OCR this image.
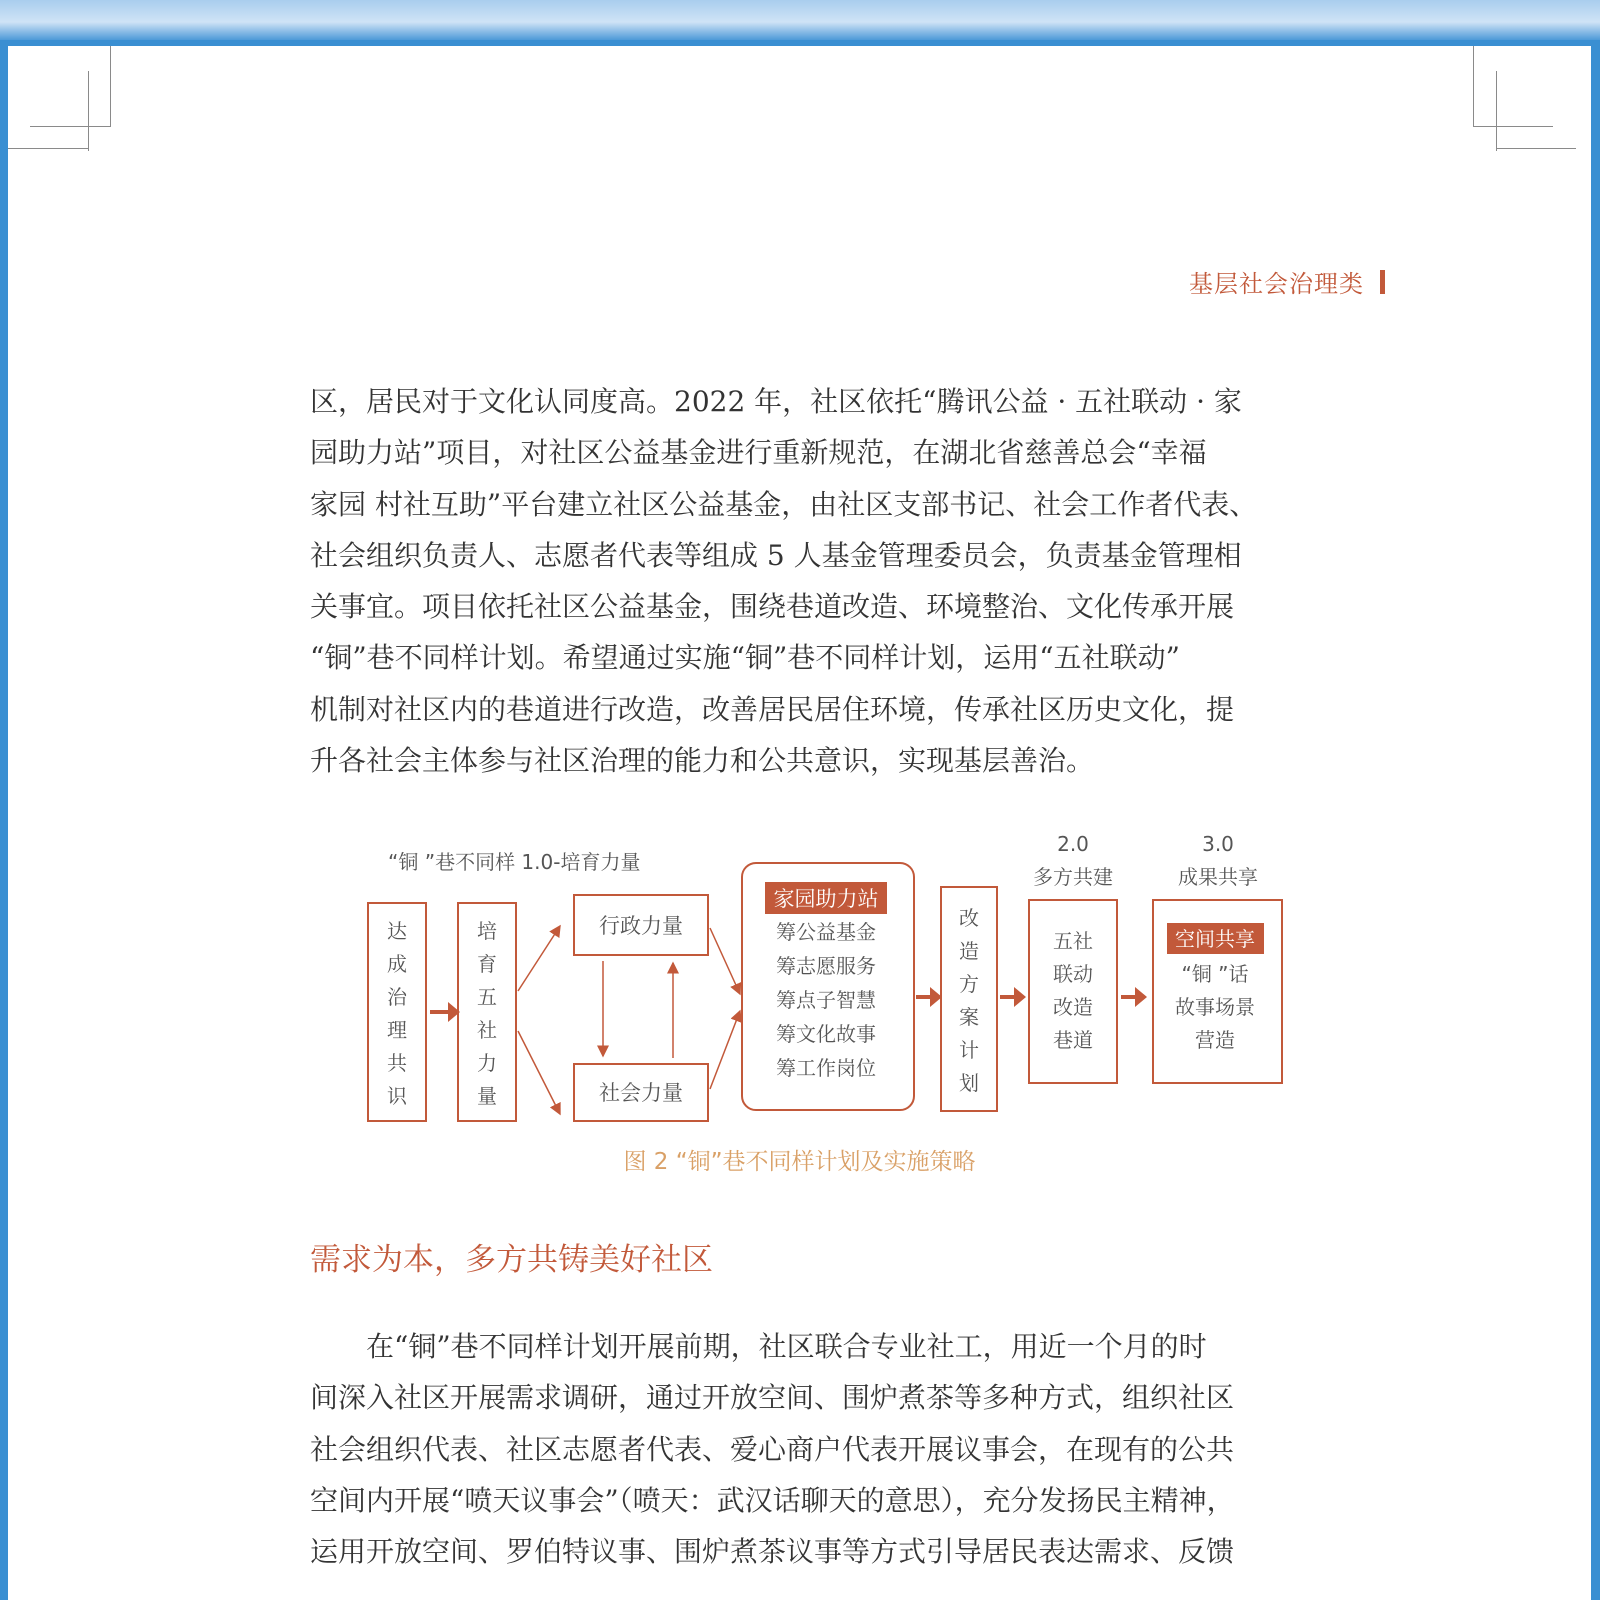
基层社会治理类
区，居民对于文化认同度高。2022 年，社区依托“腾讯公益 · 五社联动 · 家
园助力站”项目，对社区公益基金进行重新规范，在湖北省慈善总会“幸福
家园 村社互助”平台建立社区公益基金，由社区支部书记、社会工作者代表、
社会组织负责人、志愿者代表等组成 5 人基金管理委员会，负责基金管理相
关事宜。项目依托社区公益基金，围绕巷道改造、环境整治、文化传承开展
“铜”巷不同样计划。希望通过实施“铜”巷不同样计划，运用“五社联动”
机制对社区内的巷道进行改造，改善居民居住环境，传承社区历史文化，提
升各社会主体参与社区治理的能力和公共意识，实现基层善治。
“铜 ”巷不同样 1.0-培育力量
达
成
治
理
共
识
培
育
五
社
力
量
行政力量
社会力量
家园助力站
筹公益基金
筹志愿服务
筹点子智慧
筹文化故事
筹工作岗位
改
造
方
案
计
划
2.0
多方共建
五社
联动
改造
巷道
3.0
成果共享
空间共享
“铜 ”话
故事场景
营造
图 2 “铜”巷不同样计划及实施策略
需求为本，多方共铸美好社区
在“铜”巷不同样计划开展前期，社区联合专业社工，用近一个月的时
间深入社区开展需求调研，通过开放空间、围炉煮茶等多种方式，组织社区
社会组织代表、社区志愿者代表、爱心商户代表开展议事会，在现有的公共
空间内开展“喷天议事会”（喷天：武汉话聊天的意思），充分发扬民主精神，
运用开放空间、罗伯特议事、围炉煮茶议事等方式引导居民表达需求、反馈
